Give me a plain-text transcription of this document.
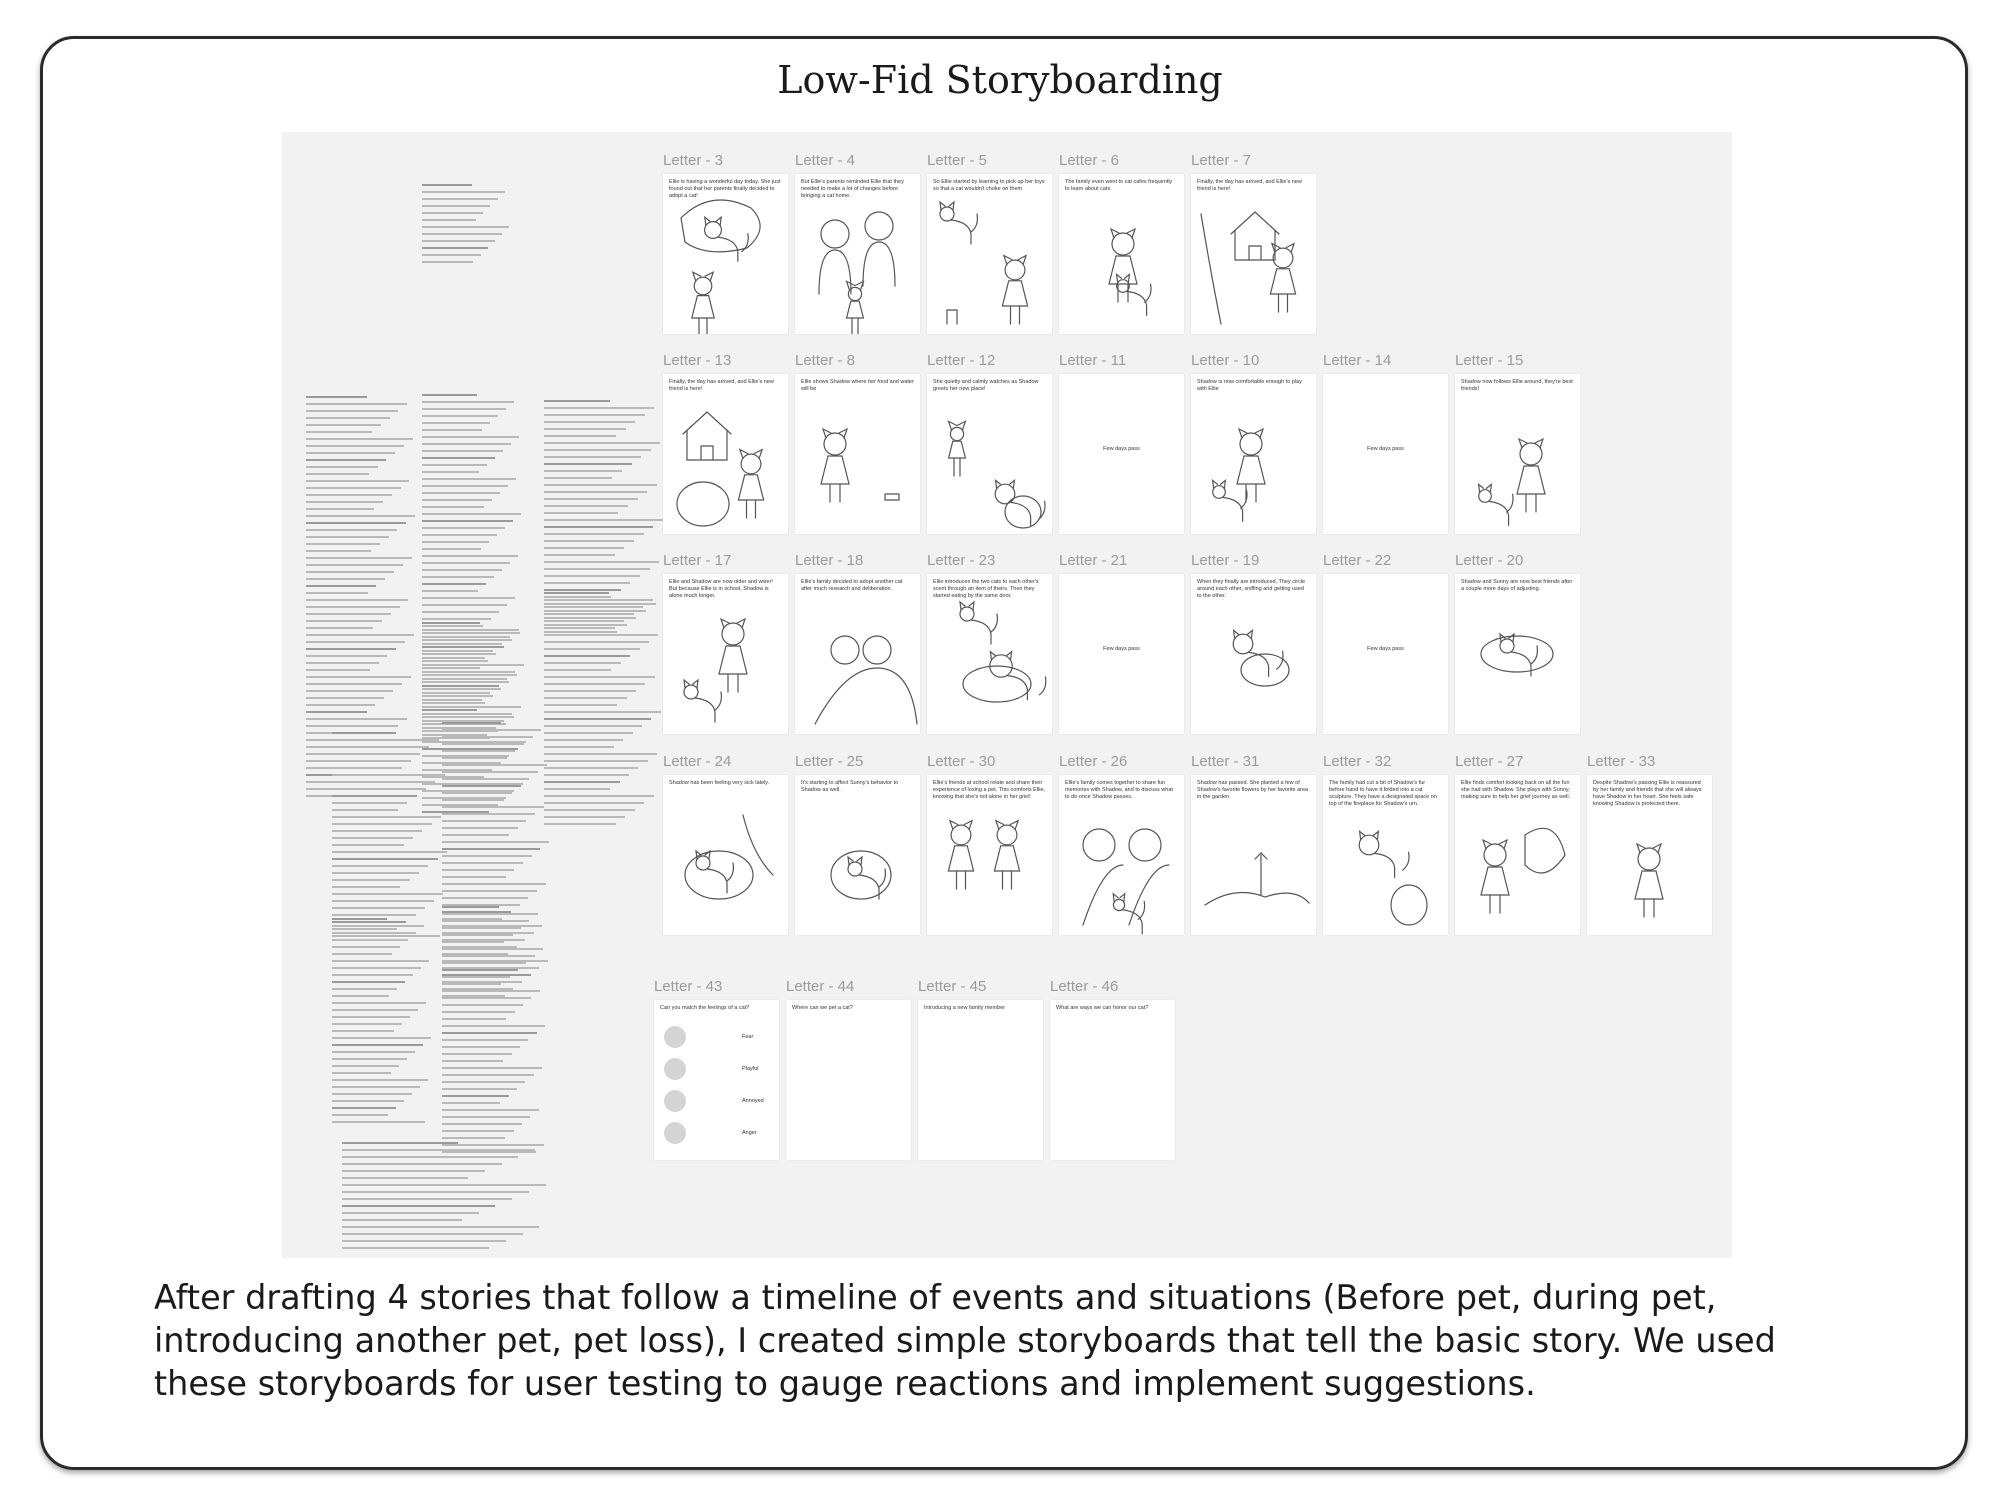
Low-Fid Storyboarding
Letter - 3
Ellie is having a wonderful day today. She just found out that her parents finally decided to adopt a cat!
Letter - 4
But Ellie's parents reminded Ellie that they needed to make a lot of changes before bringing a cat home.
Letter - 5
So Ellie started by learning to pick up her toys so that a cat wouldn't choke on them
Letter - 6
The family even went to cat cafes frequently to learn about cats.
Letter - 7
Finally, the day has arrived, and Ellie's new friend is here!
Letter - 13
Finally, the day has arrived, and Ellie's new friend is here!
Letter - 8
Ellie shows Shadow where her food and water will be
Letter - 12
She quietly and calmly watches as Shadow greets her new place!
Letter - 11
Few days pass
Letter - 10
Shadow is now comfortable enough to play with Ellie
Letter - 14
Few days pass
Letter - 15
Shadow now follows Ellie around, they're best friends!
Letter - 17
Ellie and Shadow are now older and wiser! But because Ellie is in school, Shadow is alone much longer.
Letter - 18
Ellie's family decided to adopt another cat after much research and deliberation.
Letter - 23
Ellie introduces the two cats to each other's scent through an item of theirs. Then they started eating by the same door.
Letter - 21
Few days pass
Letter - 19
When they finally are introduced, They circle around each other, sniffing and getting used to the other.
Letter - 22
Few days pass
Letter - 20
Shadow and Sunny are now best friends after a couple more days of adjusting.
Letter - 24
Shadow has been feeling very sick lately.
Letter - 25
It's starting to affect Sunny's behavior to Shadow as well.
Letter - 30
Ellie's friends at school relate and share their experience of losing a pet. This comforts Ellie, knowing that she's not alone in her grief.
Letter - 26
Ellie's family comes together to share fun memories with Shadow, and to discuss what to do once Shadow passes.
Letter - 31
Shadow has passed. She planted a few of Shadow's favorite flowers by her favorite area in the garden.
Letter - 32
The family had cut a bit of Shadow's fur before hand to have it folded into a cat sculpture. They have a designated space on top of the fireplace for Shadow's urn.
Letter - 27
Ellie finds comfort looking back on all the fun she had with Shadow. She plays with Sunny, making sure to help her grief journey as well.
Letter - 33
Despite Shadow's passing Ellie is reassured by her family and friends that she will always have Shadow in her heart. She feels safe knowing Shadow is protected there.
Letter - 43
Can you match the feelings of a cat?
Fear
Playful
Annoyed
Anger
Letter - 44
Where can we pet a cat?
Letter - 45
Introducing a new family member
Letter - 46
What are ways we can honor our cat?
After drafting 4 stories that follow a timeline of events and situations (Before pet, during pet, introducing another pet, pet loss), I created simple storyboards that tell the basic story. We used these storyboards for user testing to gauge reactions and implement suggestions.
